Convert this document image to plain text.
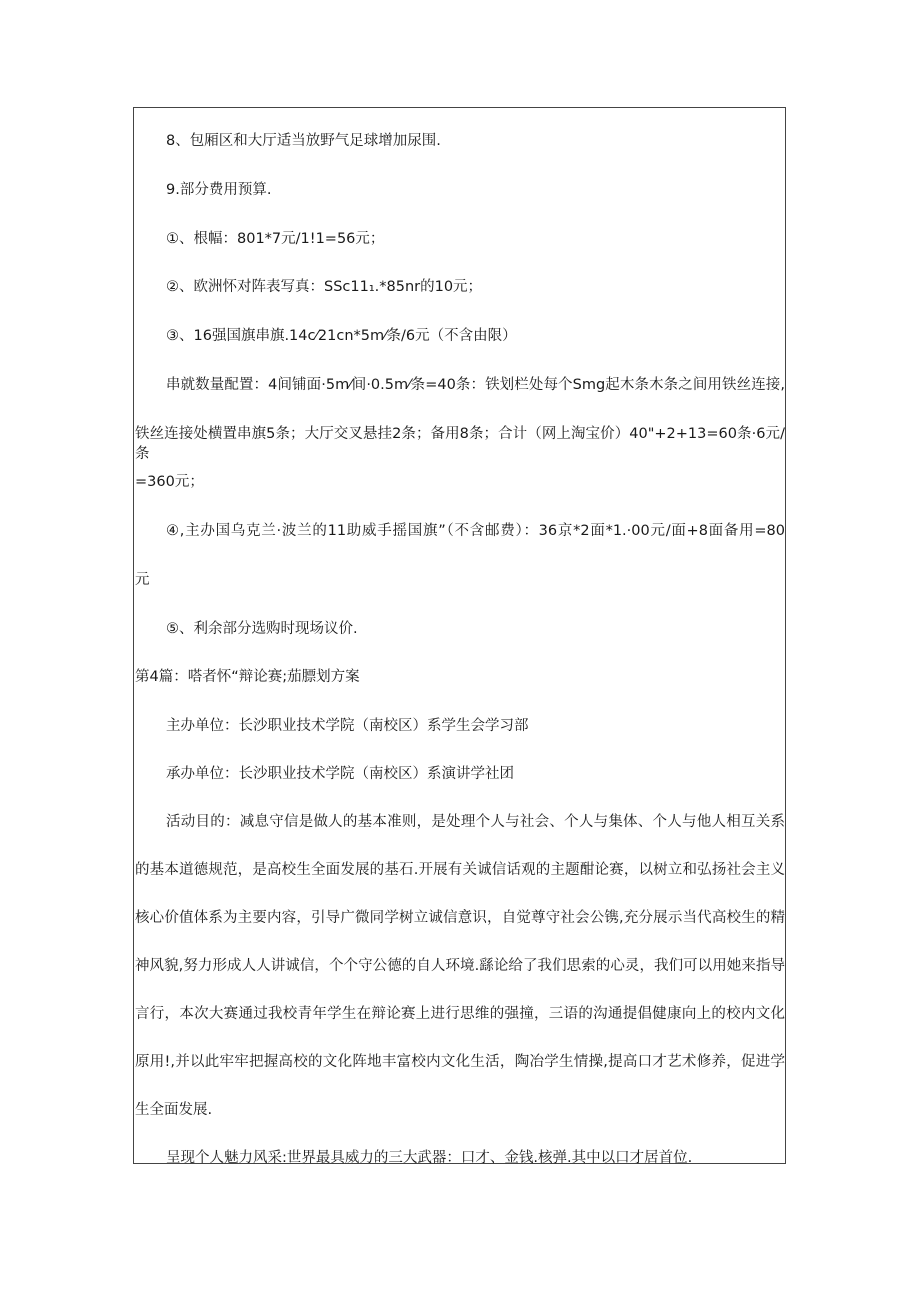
8、包厢区和大厅适当放野气足球增加尿围.
9.部分费用预算.
①、根幅：801*7元/1!1=56元；
②、欧洲怀对阵表写真：SSc11₁.*85nr的10元；
③、16强国旗串旗.14c⁄21cn*5m⁄条/6元（不含由限）
串就数量配置：4间铺面·5m⁄间·0.5m⁄条=40条：铁划栏处每个Smg起木条木条之间用铁丝连接,
铁丝连接处横置串旗5条；大厅交叉悬挂2条；备用8条；合计（网上淘宝价）40"+2+13=60条·6元/条
=360元；
④,主办国乌克兰·波兰的11助威手摇国旗”（不含邮费）：36京*2面*1.·00元/面+8面备用=80
元
⑤、利余部分选购时现场议价.
第4篇：嗒者怀“辩论赛;茄膘划方案
主办单位：长沙职业技术学院（南校区）系学生会学习部
承办单位：长沙职业技术学院（南校区）系演讲学社团
活动目的：减息守信是做人的基本准则，是处理个人与社会、个人与集体、个人与他人相互关系
的基本道德规范，是高校生全面发展的基石.开展有关诚信话观的主题酣论赛，以树立和弘扬社会主义
核心价值体系为主要内容，引导广微同学树立诚信意识，自觉尊守社会公镌,充分展示当代高校生的精
神风貌,努力形成人人讲诚信，个个守公德的自人环境.繇论给了我们思索的心灵，我们可以用她来指导
言行，本次大赛通过我校青年学生在辩论赛上进行思维的强撞，三语的沟通提倡健康向上的校内文化
原用!,并以此牢牢把握高校的文化阵地丰富校内文化生活，陶冶学生情操,提高口才艺术修养，促进学
生全面发展.
呈现个人魅力风采:世界最具威力的三大武器：口才、金钱.核弹.其中以口才居首位.
